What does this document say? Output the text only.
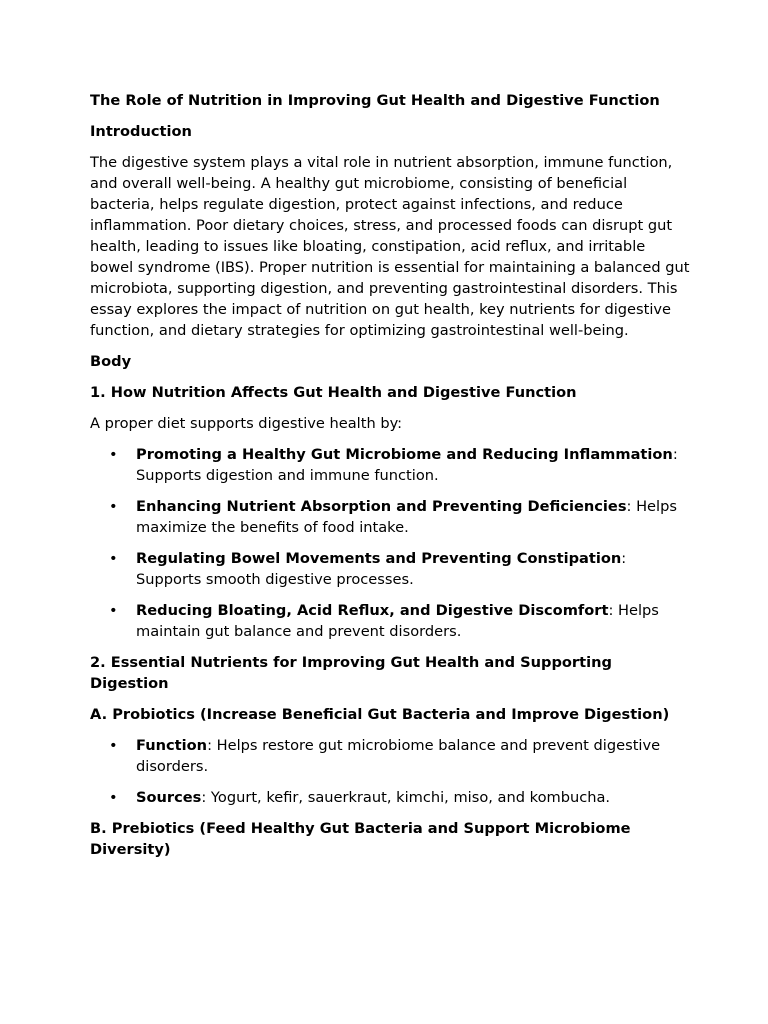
The Role of Nutrition in Improving Gut Health and Digestive Function
Introduction
The digestive system plays a vital role in nutrient absorption, immune function, and overall well-being. A healthy gut microbiome, consisting of beneficial bacteria, helps regulate digestion, protect against infections, and reduce inflammation. Poor dietary choices, stress, and processed foods can disrupt gut health, leading to issues like bloating, constipation, acid reflux, and irritable bowel syndrome (IBS). Proper nutrition is essential for maintaining a balanced gut microbiota, supporting digestion, and preventing gastrointestinal disorders. This essay explores the impact of nutrition on gut health, key nutrients for digestive function, and dietary strategies for optimizing gastrointestinal well-being.
Body
1. How Nutrition Affects Gut Health and Digestive Function
A proper diet supports digestive health by:
• Promoting a Healthy Gut Microbiome and Reducing Inflammation: Supports digestion and immune function.
• Enhancing Nutrient Absorption and Preventing Deficiencies: Helps maximize the benefits of food intake.
• Regulating Bowel Movements and Preventing Constipation: Supports smooth digestive processes.
• Reducing Bloating, Acid Reflux, and Digestive Discomfort: Helps maintain gut balance and prevent disorders.
2. Essential Nutrients for Improving Gut Health and Supporting Digestion
A. Probiotics (Increase Beneficial Gut Bacteria and Improve Digestion)
• Function: Helps restore gut microbiome balance and prevent digestive disorders.
• Sources: Yogurt, kefir, sauerkraut, kimchi, miso, and kombucha.
B. Prebiotics (Feed Healthy Gut Bacteria and Support Microbiome Diversity)
